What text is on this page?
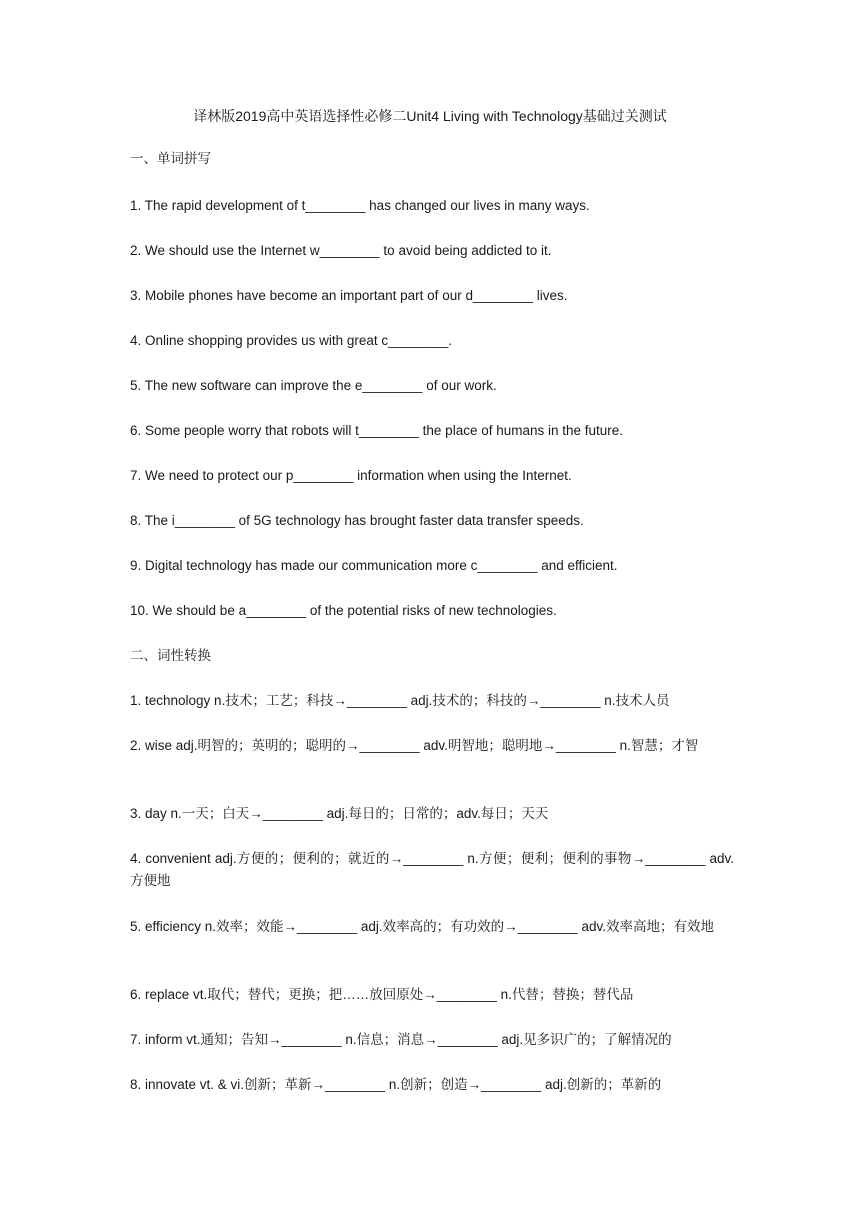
译林版2019高中英语选择性必修二Unit4 Living with Technology基础过关测试
一、单词拼写
1. The rapid development of t________ has changed our lives in many ways.
2. We should use the Internet w________ to avoid being addicted to it.
3. Mobile phones have become an important part of our d________ lives.
4. Online shopping provides us with great c________.
5. The new software can improve the e________ of our work.
6. Some people worry that robots will t________ the place of humans in the future.
7. We need to protect our p________ information when using the Internet.
8. The i________ of 5G technology has brought faster data transfer speeds.
9. Digital technology has made our communication more c________ and efficient.
10. We should be a________ of the potential risks of new technologies.
二、词性转换
1. technology n.技术；工艺；科技→________ adj.技术的；科技的→________ n.技术人员
2. wise adj.明智的；英明的；聪明的→________ adv.明智地；聪明地→________ n.智慧；才智
3. day n.一天；白天→________ adj.每日的；日常的；adv.每日；天天
4. convenient adj.方便的；便利的；就近的→________ n.方便；便利；便利的事物→________ adv.方便地
5. efficiency n.效率；效能→________ adj.效率高的；有功效的→________ adv.效率高地；有效地
6. replace vt.取代；替代；更换；把……放回原处→________ n.代替；替换；替代品
7. inform vt.通知；告知→________ n.信息；消息→________ adj.见多识广的；了解情况的
8. innovate vt. & vi.创新；革新→________ n.创新；创造→________ adj.创新的；革新的
